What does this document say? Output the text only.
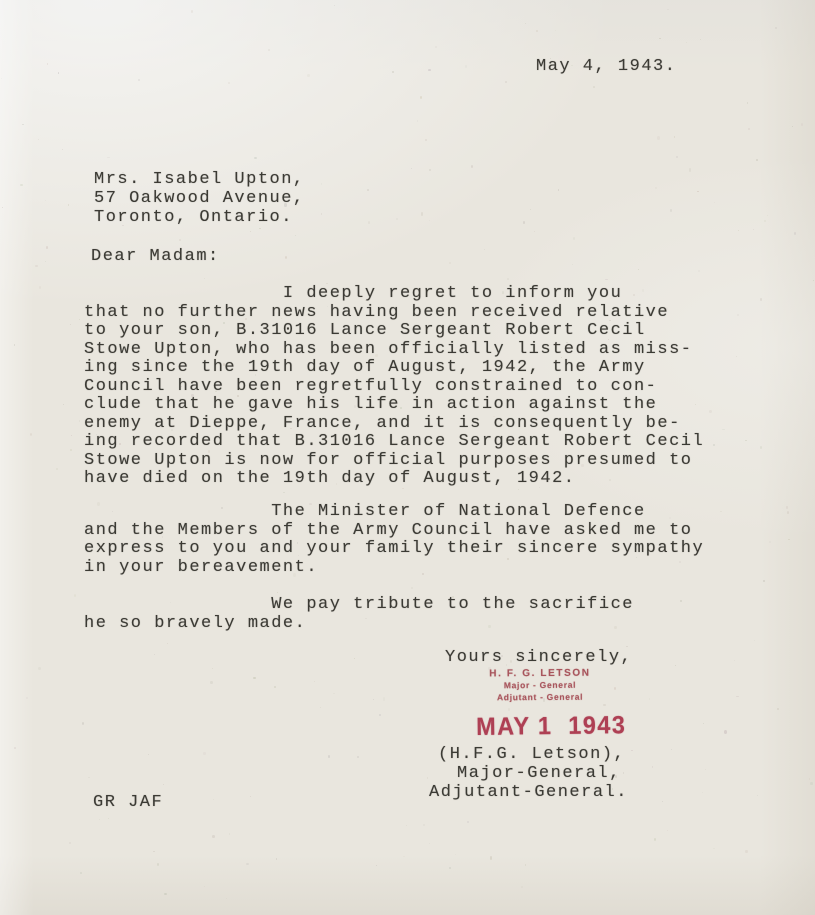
May 4, 1943.
Mrs. Isabel Upton,
57 Oakwood Avenue,
Toronto, Ontario.
Dear Madam:
I deeply regret to inform you
that no further news having been received relative
to your son, B.31016 Lance Sergeant Robert Cecil
Stowe Upton, who has been officially listed as miss-
ing since the 19th day of August, 1942, the Army
Council have been regretfully constrained to con-
clude that he gave his life in action against the
enemy at Dieppe, France, and it is consequently be-
ing recorded that B.31016 Lance Sergeant Robert Cecil
Stowe Upton is now for official purposes presumed to
have died on the 19th day of August, 1942.
The Minister of National Defence
and the Members of the Army Council have asked me to
express to you and your family their sincere sympathy
in your bereavement.
We pay tribute to the sacrifice
he so bravely made.
Yours sincerely,
H. F. G. LETSON
Major - General
Adjutant - General
MAY 1  1943
(H.F.G. Letson),
Major-General,
Adjutant-General.
GR JAF
